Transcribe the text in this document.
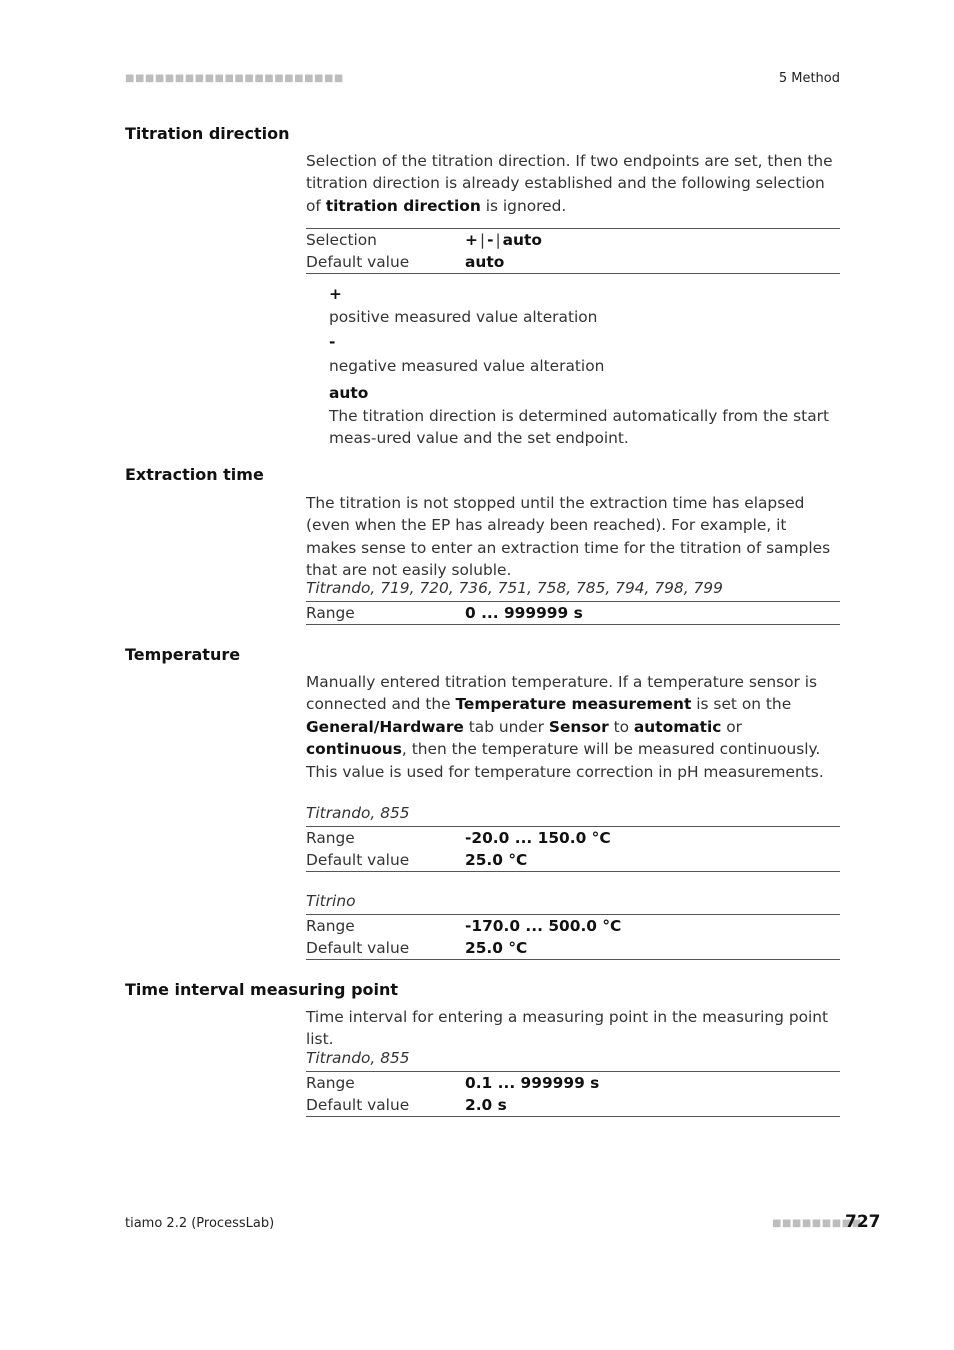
■■■■■■■■■■■■■■■■■■■■■■	5 Method
Titration direction
Selection of the titration direction. If two endpoints are set, then the titration direction is already established and the following selection of titration direction is ignored.
Selection	+ | - | auto
Default value	auto
+
positive measured value alteration
-
negative measured value alteration
auto
The titration direction is determined automatically from the start meas-ured value and the set endpoint.
Extraction time
The titration is not stopped until the extraction time has elapsed (even when the EP has already been reached). For example, it makes sense to enter an extraction time for the titration of samples that are not easily soluble.
Titrando, 719, 720, 736, 751, 758, 785, 794, 798, 799
Range	0 ... 999999 s
Temperature
Manually entered titration temperature. If a temperature sensor is connected and the Temperature measurement is set on the General/Hardware tab under Sensor to automatic or continuous, then the temperature will be measured continuously. This value is used for temperature correction in pH measurements.
Titrando, 855
Range	-20.0 ... 150.0 °C
Default value	25.0 °C
Titrino
Range	-170.0 ... 500.0 °C
Default value	25.0 °C
Time interval measuring point
Time interval for entering a measuring point in the measuring point list.
Titrando, 855
Range	0.1 ... 999999 s
Default value	2.0 s
tiamo 2.2 (ProcessLab)	■■■■■■■■■
727
